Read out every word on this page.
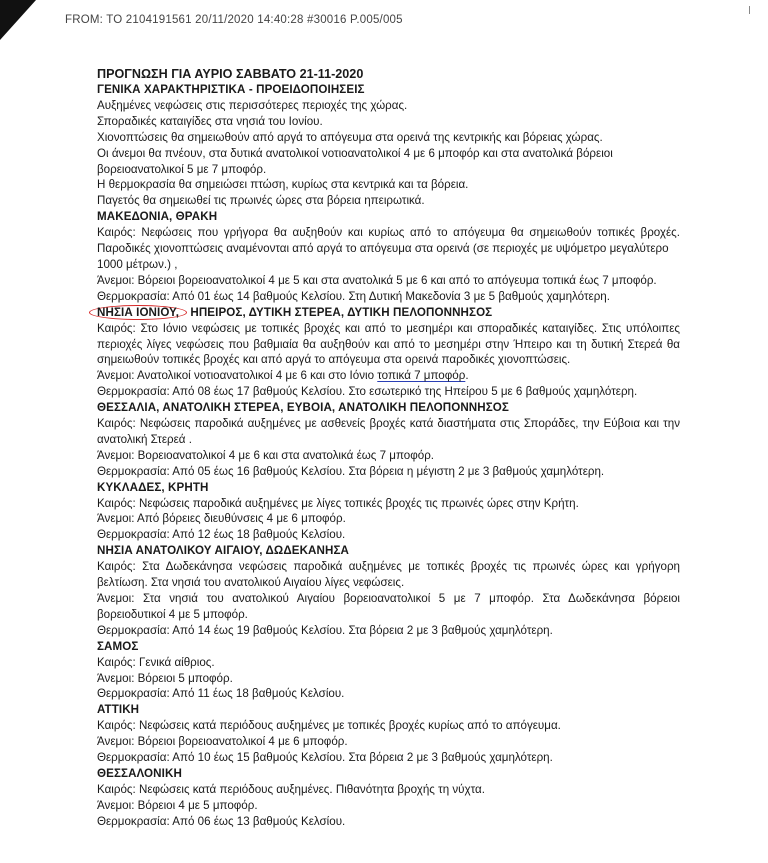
FROM: TO 2104191561 20/11/2020 14:40:28 #30016 P.005/005

ΠΡΟΓΝΩΣΗ ΓΙΑ ΑΥΡΙΟ ΣΑΒΒΑΤΟ 21-11-2020

ΓΕΝΙΚΑ ΧΑΡΑΚΤΗΡΙΣΤΙΚΑ - ΠΡΟΕΙΔΟΠΟΙΗΣΕΙΣ

Αυξημένες νεφώσεις στις περισσότερες περιοχές της χώρας.

Σποραδικές καταιγίδες στα νησιά του Ιονίου.

Χιονοπτώσεις θα σημειωθούν από αργά το απόγευμα στα ορεινά της κεντρικής και βόρειας χώρας.

Οι άνεμοι θα πνέουν, στα δυτικά ανατολικοί νοτιοανατολικοί 4 με 6 μποφόρ και στα ανατολικά βόρειοι βορειοανατολικοί 5 με 7 μποφόρ.

Η θερμοκρασία θα σημειώσει πτώση, κυρίως στα κεντρικά και τα βόρεια.

Παγετός θα σημειωθεί τις πρωινές ώρες στα βόρεια ηπειρωτικά.

ΜΑΚΕΔΟΝΙΑ, ΘΡΑΚΗ

Καιρός: Νεφώσεις που γρήγορα θα αυξηθούν και κυρίως από το απόγευμα θα σημειωθούν τοπικές βροχές. Παροδικές χιονοπτώσεις αναμένονται από αργά το απόγευμα στα ορεινά (σε περιοχές με υψόμετρο μεγαλύτερο

1000 μέτρων.) ,

Άνεμοι: Βόρειοι βορειοανατολικοί 4 με 5 και στα ανατολικά 5 με 6 και από το απόγευμα τοπικά έως 7 μποφόρ.

Θερμοκρασία: Από 01 έως 14 βαθμούς Κελσίου. Στη Δυτική Μακεδονία 3 με 5 βαθμούς χαμηλότερη.

ΝΗΣΙΑ ΙΟΝΙΟΥ, ΗΠΕΙΡΟΣ, ΔΥΤΙΚΗ ΣΤΕΡΕΑ, ΔΥΤΙΚΗ ΠΕΛΟΠΟΝΝΗΣΟΣ

Καιρός: Στο Ιόνιο νεφώσεις με τοπικές βροχές και από το μεσημέρι και σποραδικές καταιγίδες. Στις υπόλοιπες περιοχές λίγες νεφώσεις που βαθμιαία θα αυξηθούν και από το μεσημέρι στην Ήπειρο και τη δυτική Στερεά θα σημειωθούν τοπικές βροχές και από αργά το απόγευμα στα ορεινά παροδικές χιονοπτώσεις.

Άνεμοι: Ανατολικοί νοτιοανατολικοί 4 με 6 και στο Ιόνιο τοπικά 7 μποφόρ.

Θερμοκρασία: Από 08 έως 17 βαθμούς Κελσίου. Στο εσωτερικό της Ηπείρου 5 με 6 βαθμούς χαμηλότερη.

ΘΕΣΣΑΛΙΑ, ΑΝΑΤΟΛΙΚΗ ΣΤΕΡΕΑ, ΕΥΒΟΙΑ, ΑΝΑΤΟΛΙΚΗ ΠΕΛΟΠΟΝΝΗΣΟΣ

Καιρός: Νεφώσεις παροδικά αυξημένες με ασθενείς βροχές κατά διαστήματα στις Σποράδες, την Εύβοια και την ανατολική Στερεά .

Άνεμοι: Βορειοανατολικοί 4 με 6 και στα ανατολικά έως 7 μποφόρ.

Θερμοκρασία: Από 05 έως 16 βαθμούς Κελσίου. Στα βόρεια η μέγιστη 2 με 3 βαθμούς χαμηλότερη.

ΚΥΚΛΑΔΕΣ, ΚΡΗΤΗ

Καιρός: Νεφώσεις παροδικά αυξημένες με λίγες τοπικές βροχές τις πρωινές ώρες στην Κρήτη.

Άνεμοι: Από βόρειες διευθύνσεις 4 με 6 μποφόρ.

Θερμοκρασία: Από 12 έως 18 βαθμούς Κελσίου.

ΝΗΣΙΑ ΑΝΑΤΟΛΙΚΟΥ ΑΙΓΑΙΟΥ, ΔΩΔΕΚΑΝΗΣΑ

Καιρός: Στα Δωδεκάνησα νεφώσεις παροδικά αυξημένες με τοπικές βροχές τις πρωινές ώρες και γρήγορη βελτίωση. Στα νησιά του ανατολικού Αιγαίου λίγες νεφώσεις.

Άνεμοι: Στα νησιά του ανατολικού Αιγαίου βορειοανατολικοί 5 με 7 μποφόρ. Στα Δωδεκάνησα βόρειοι βορειοδυτικοί 4 με 5 μποφόρ.

Θερμοκρασία: Από 14 έως 19 βαθμούς Κελσίου. Στα βόρεια 2 με 3 βαθμούς χαμηλότερη.

ΣΑΜΟΣ

Καιρός: Γενικά αίθριος.

Άνεμοι: Βόρειοι 5 μποφόρ.

Θερμοκρασία: Από 11 έως 18 βαθμούς Κελσίου.

ΑΤΤΙΚΗ

Καιρός: Νεφώσεις κατά περιόδους αυξημένες με τοπικές βροχές κυρίως από το απόγευμα.

Άνεμοι: Βόρειοι βορειοανατολικοί 4 με 6 μποφόρ.

Θερμοκρασία: Από 10 έως 15 βαθμούς Κελσίου. Στα βόρεια 2 με 3 βαθμούς χαμηλότερη.

ΘΕΣΣΑΛΟΝΙΚΗ

Καιρός: Νεφώσεις κατά περιόδους αυξημένες. Πιθανότητα βροχής τη νύχτα.

Άνεμοι: Βόρειοι 4 με 5 μποφόρ.

Θερμοκρασία: Από 06 έως 13 βαθμούς Κελσίου.
